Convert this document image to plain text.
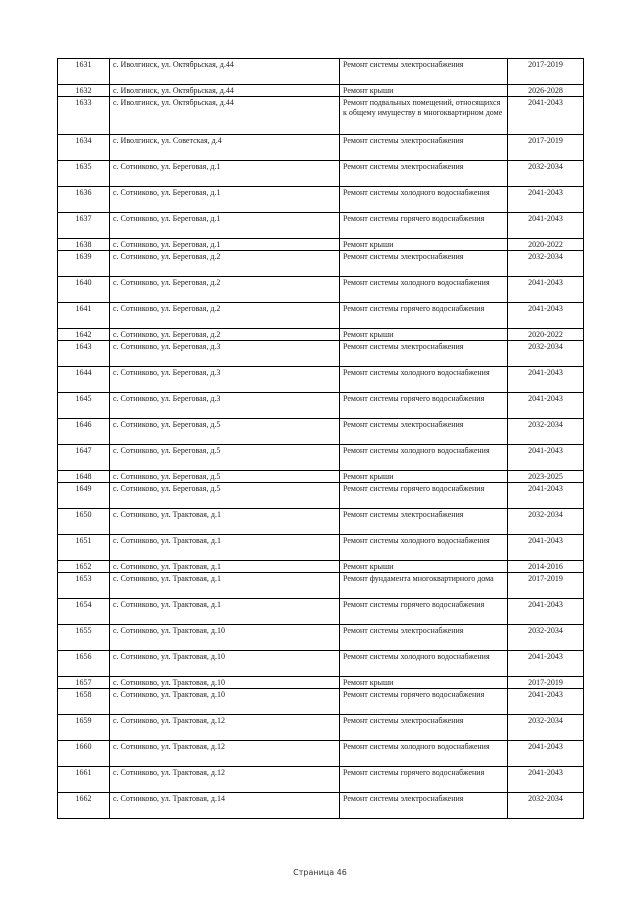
1631	с. Иволгинск, ул. Октябрьская, д.44	Ремонт системы электроснабжения	2017-2019
1632	с. Иволгинск, ул. Октябрьская, д.44	Ремонт крыши	2026-2028
1633	с. Иволгинск, ул. Октябрьская, д.44	Ремонт подвальных помещений, относящихся к общему имуществу в многоквартирном доме	2041-2043
1634	с. Иволгинск, ул. Советская, д.4	Ремонт системы электроснабжения	2017-2019
1635	с. Сотниково, ул. Береговая, д.1	Ремонт системы электроснабжения	2032-2034
1636	с. Сотниково, ул. Береговая, д.1	Ремонт системы холодного водоснабжения	2041-2043
1637	с. Сотниково, ул. Береговая, д.1	Ремонт системы горячего водоснабжения	2041-2043
1638	с. Сотниково, ул. Береговая, д.1	Ремонт крыши	2020-2022
1639	с. Сотниково, ул. Береговая, д.2	Ремонт системы электроснабжения	2032-2034
1640	с. Сотниково, ул. Береговая, д.2	Ремонт системы холодного водоснабжения	2041-2043
1641	с. Сотниково, ул. Береговая, д.2	Ремонт системы горячего водоснабжения	2041-2043
1642	с. Сотниково, ул. Береговая, д.2	Ремонт крыши	2020-2022
1643	с. Сотниково, ул. Береговая, д.3	Ремонт системы электроснабжения	2032-2034
1644	с. Сотниково, ул. Береговая, д.3	Ремонт системы холодного водоснабжения	2041-2043
1645	с. Сотниково, ул. Береговая, д.3	Ремонт системы горячего водоснабжения	2041-2043
1646	с. Сотниково, ул. Береговая, д.5	Ремонт системы электроснабжения	2032-2034
1647	с. Сотниково, ул. Береговая, д.5	Ремонт системы холодного водоснабжения	2041-2043
1648	с. Сотниково, ул. Береговая, д.5	Ремонт крыши	2023-2025
1649	с. Сотниково, ул. Береговая, д.5	Ремонт системы горячего водоснабжения	2041-2043
1650	с. Сотниково, ул. Трактовая, д.1	Ремонт системы электроснабжения	2032-2034
1651	с. Сотниково, ул. Трактовая, д.1	Ремонт системы холодного водоснабжения	2041-2043
1652	с. Сотниково, ул. Трактовая, д.1	Ремонт крыши	2014-2016
1653	с. Сотниково, ул. Трактовая, д.1	Ремонт фундамента многоквартирного дома	2017-2019
1654	с. Сотниково, ул. Трактовая, д.1	Ремонт системы горячего водоснабжения	2041-2043
1655	с. Сотниково, ул. Трактовая, д.10	Ремонт системы электроснабжения	2032-2034
1656	с. Сотниково, ул. Трактовая, д.10	Ремонт системы холодного водоснабжения	2041-2043
1657	с. Сотниково, ул. Трактовая, д.10	Ремонт крыши	2017-2019
1658	с. Сотниково, ул. Трактовая, д.10	Ремонт системы горячего водоснабжения	2041-2043
1659	с. Сотниково, ул. Трактовая, д.12	Ремонт системы электроснабжения	2032-2034
1660	с. Сотниково, ул. Трактовая, д.12	Ремонт системы холодного водоснабжения	2041-2043
1661	с. Сотниково, ул. Трактовая, д.12	Ремонт системы горячего водоснабжения	2041-2043
1662	с. Сотниково, ул. Трактовая, д.14	Ремонт системы электроснабжения	2032-2034
Страница 46
